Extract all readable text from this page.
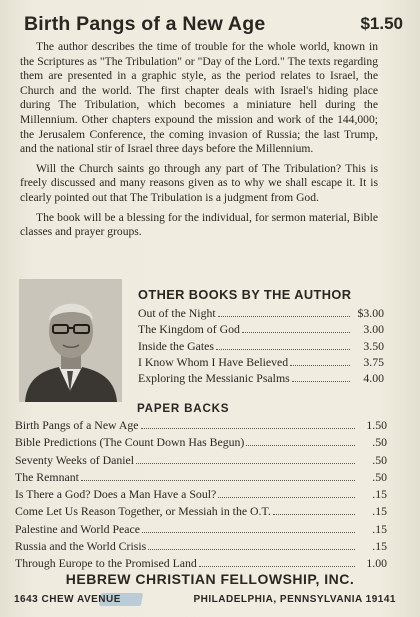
Birth Pangs of a New Age	$1.50

The author describes the time of trouble for the whole world, known in the Scriptures as "The Tribulation" or "Day of the Lord." The texts regarding them are presented in a graphic style, as the period relates to Israel, the Church and the world. The first chapter deals with Israel's hiding place during The Tribulation, which becomes a miniature hell during the Millennium. Other chapters expound the mission and work of the 144,000; the Jerusalem Conference, the coming invasion of Russia; the last Trump, and the national stir of Israel three days before the Millennium.

Will the Church saints go through any part of The Tribulation? This is freely discussed and many reasons given as to why we shall escape it. It is clearly pointed out that The Tribulation is a judgment from God.

The book will be a blessing for the individual, for sermon material, Bible classes and prayer groups.

OTHER BOOKS BY THE AUTHOR
Out of the Night	$3.00
The Kingdom of God	3.00
Inside the Gates	3.50
I Know Whom I Have Believed	3.75
Exploring the Messianic Psalms	4.00
PAPER BACKS
Birth Pangs of a New Age	1.50
Bible Predictions (The Count Down Has Begun)	.50
Seventy Weeks of Daniel	.50
The Remnant	.50
Is There a God? Does a Man Have a Soul?	.15
Come Let Us Reason Together, or Messiah in the O.T.	.15
Palestine and World Peace	.15
Russia and the World Crisis	.15
Through Europe to the Promised Land	1.00
HEBREW CHRISTIAN FELLOWSHIP, INC.
1643 CHEW AVENUE	PHILADELPHIA, PENNSYLVANIA 19141
